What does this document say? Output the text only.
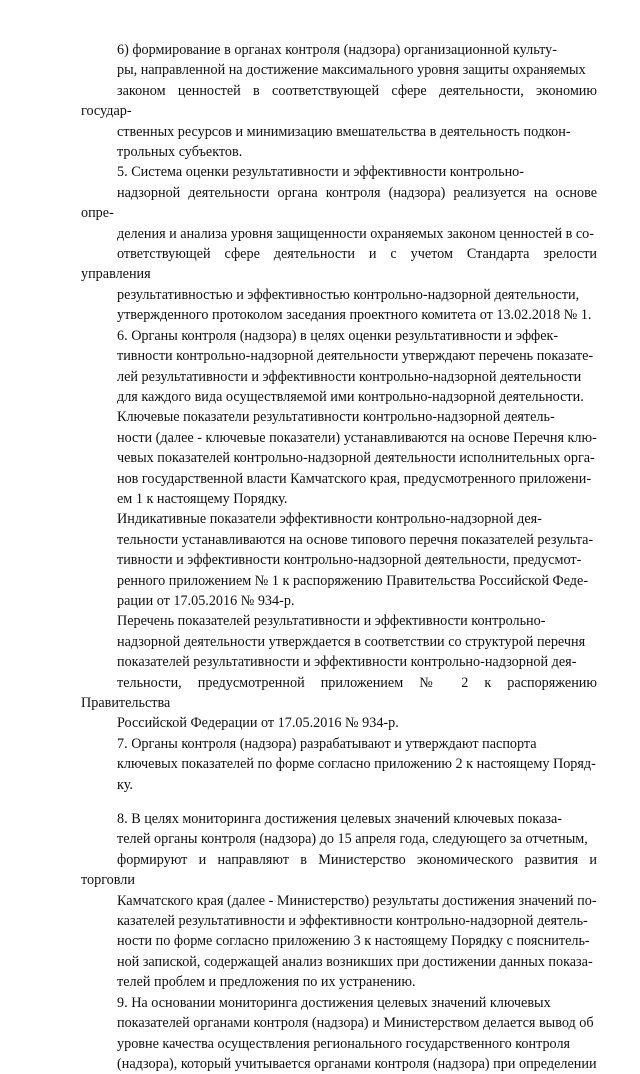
6) формирование в органах контроля (надзора) организационной культу-
ры, направленной на достижение максимального уровня защиты охраняемых
законом ценностей в соответствующей сфере деятельности, экономию государ-
ственных ресурсов и минимизацию вмешательства в деятельность подкон-
трольных субъектов.

5. Система оценки результативности и эффективности контрольно-
надзорной деятельности органа контроля (надзора) реализуется на основе опре-
деления и анализа уровня защищенности охраняемых законом ценностей в со-
ответствующей сфере деятельности и с учетом Стандарта зрелости управления
результативностью и эффективностью контрольно-надзорной деятельности,
утвержденного протоколом заседания проектного комитета от 13.02.2018 № 1.

6. Органы контроля (надзора) в целях оценки результативности и эффек-
тивности контрольно-надзорной деятельности утверждают перечень показате-
лей результативности и эффективности контрольно-надзорной деятельности
для каждого вида осуществляемой ими контрольно-надзорной деятельности.

Ключевые показатели результативности контрольно-надзорной деятель-
ности (далее - ключевые показатели) устанавливаются на основе Перечня клю-
чевых показателей контрольно-надзорной деятельности исполнительных орга-
нов государственной власти Камчатского края, предусмотренного приложени-
ем 1 к настоящему Порядку.

Индикативные показатели эффективности контрольно-надзорной дея-
тельности устанавливаются на основе типового перечня показателей результа-
тивности и эффективности контрольно-надзорной деятельности, предусмот-
ренного приложением № 1 к распоряжению Правительства Российской Феде-
рации от 17.05.2016 № 934-р.

Перечень показателей результативности и эффективности контрольно-
надзорной деятельности утверждается в соответствии со структурой перечня
показателей результативности и эффективности контрольно-надзорной дея-
тельности, предусмотренной приложением № 2 к распоряжению Правительства
Российской Федерации от 17.05.2016 № 934-р.

7. Органы контроля (надзора) разрабатывают и утверждают паспорта
ключевых показателей по форме согласно приложению 2 к настоящему Поряд-
ку.

8. В целях мониторинга достижения целевых значений ключевых показа-
телей органы контроля (надзора) до 15 апреля года, следующего за отчетным,
формируют и направляют в Министерство экономического развития и торговли
Камчатского края (далее - Министерство) результаты достижения значений по-
казателей результативности и эффективности контрольно-надзорной деятель-
ности по форме согласно приложению 3 к настоящему Порядку с пояснитель-
ной запиской, содержащей анализ возникших при достижении данных показа-
телей проблем и предложения по их устранению.

9. На основании мониторинга достижения целевых значений ключевых
показателей органами контроля (надзора) и Министерством делается вывод об
уровне качества осуществления регионального государственного контроля
(надзора), который учитывается органами контроля (надзора) при определении
